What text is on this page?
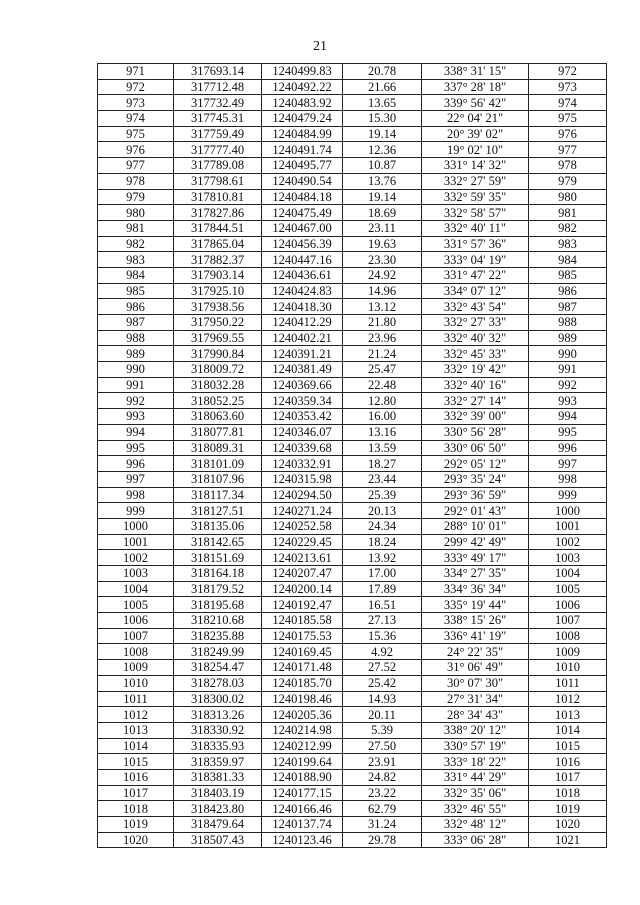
21
971	317693.14	1240499.83	20.78	338° 31' 15"	972
972	317712.48	1240492.22	21.66	337° 28' 18"	973
973	317732.49	1240483.92	13.65	339° 56' 42"	974
974	317745.31	1240479.24	15.30	22° 04' 21"	975
975	317759.49	1240484.99	19.14	20° 39' 02"	976
976	317777.40	1240491.74	12.36	19° 02' 10"	977
977	317789.08	1240495.77	10.87	331° 14' 32"	978
978	317798.61	1240490.54	13.76	332° 27' 59"	979
979	317810.81	1240484.18	19.14	332° 59' 35"	980
980	317827.86	1240475.49	18.69	332° 58' 57"	981
981	317844.51	1240467.00	23.11	332° 40' 11"	982
982	317865.04	1240456.39	19.63	331° 57' 36"	983
983	317882.37	1240447.16	23.30	333° 04' 19"	984
984	317903.14	1240436.61	24.92	331° 47' 22"	985
985	317925.10	1240424.83	14.96	334° 07' 12"	986
986	317938.56	1240418.30	13.12	332° 43' 54"	987
987	317950.22	1240412.29	21.80	332° 27' 33"	988
988	317969.55	1240402.21	23.96	332° 40' 32"	989
989	317990.84	1240391.21	21.24	332° 45' 33"	990
990	318009.72	1240381.49	25.47	332° 19' 42"	991
991	318032.28	1240369.66	22.48	332° 40' 16"	992
992	318052.25	1240359.34	12.80	332° 27' 14"	993
993	318063.60	1240353.42	16.00	332° 39' 00"	994
994	318077.81	1240346.07	13.16	330° 56' 28"	995
995	318089.31	1240339.68	13.59	330° 06' 50"	996
996	318101.09	1240332.91	18.27	292° 05' 12"	997
997	318107.96	1240315.98	23.44	293° 35' 24"	998
998	318117.34	1240294.50	25.39	293° 36' 59"	999
999	318127.51	1240271.24	20.13	292° 01' 43"	1000
1000	318135.06	1240252.58	24.34	288° 10' 01"	1001
1001	318142.65	1240229.45	18.24	299° 42' 49"	1002
1002	318151.69	1240213.61	13.92	333° 49' 17"	1003
1003	318164.18	1240207.47	17.00	334° 27' 35"	1004
1004	318179.52	1240200.14	17.89	334° 36' 34"	1005
1005	318195.68	1240192.47	16.51	335° 19' 44"	1006
1006	318210.68	1240185.58	27.13	338° 15' 26"	1007
1007	318235.88	1240175.53	15.36	336° 41' 19"	1008
1008	318249.99	1240169.45	4.92	24° 22' 35"	1009
1009	318254.47	1240171.48	27.52	31° 06' 49"	1010
1010	318278.03	1240185.70	25.42	30° 07' 30"	1011
1011	318300.02	1240198.46	14.93	27° 31' 34"	1012
1012	318313.26	1240205.36	20.11	28° 34' 43"	1013
1013	318330.92	1240214.98	5.39	338° 20' 12"	1014
1014	318335.93	1240212.99	27.50	330° 57' 19"	1015
1015	318359.97	1240199.64	23.91	333° 18' 22"	1016
1016	318381.33	1240188.90	24.82	331° 44' 29"	1017
1017	318403.19	1240177.15	23.22	332° 35' 06"	1018
1018	318423.80	1240166.46	62.79	332° 46' 55"	1019
1019	318479.64	1240137.74	31.24	332° 48' 12"	1020
1020	318507.43	1240123.46	29.78	333° 06' 28"	1021
